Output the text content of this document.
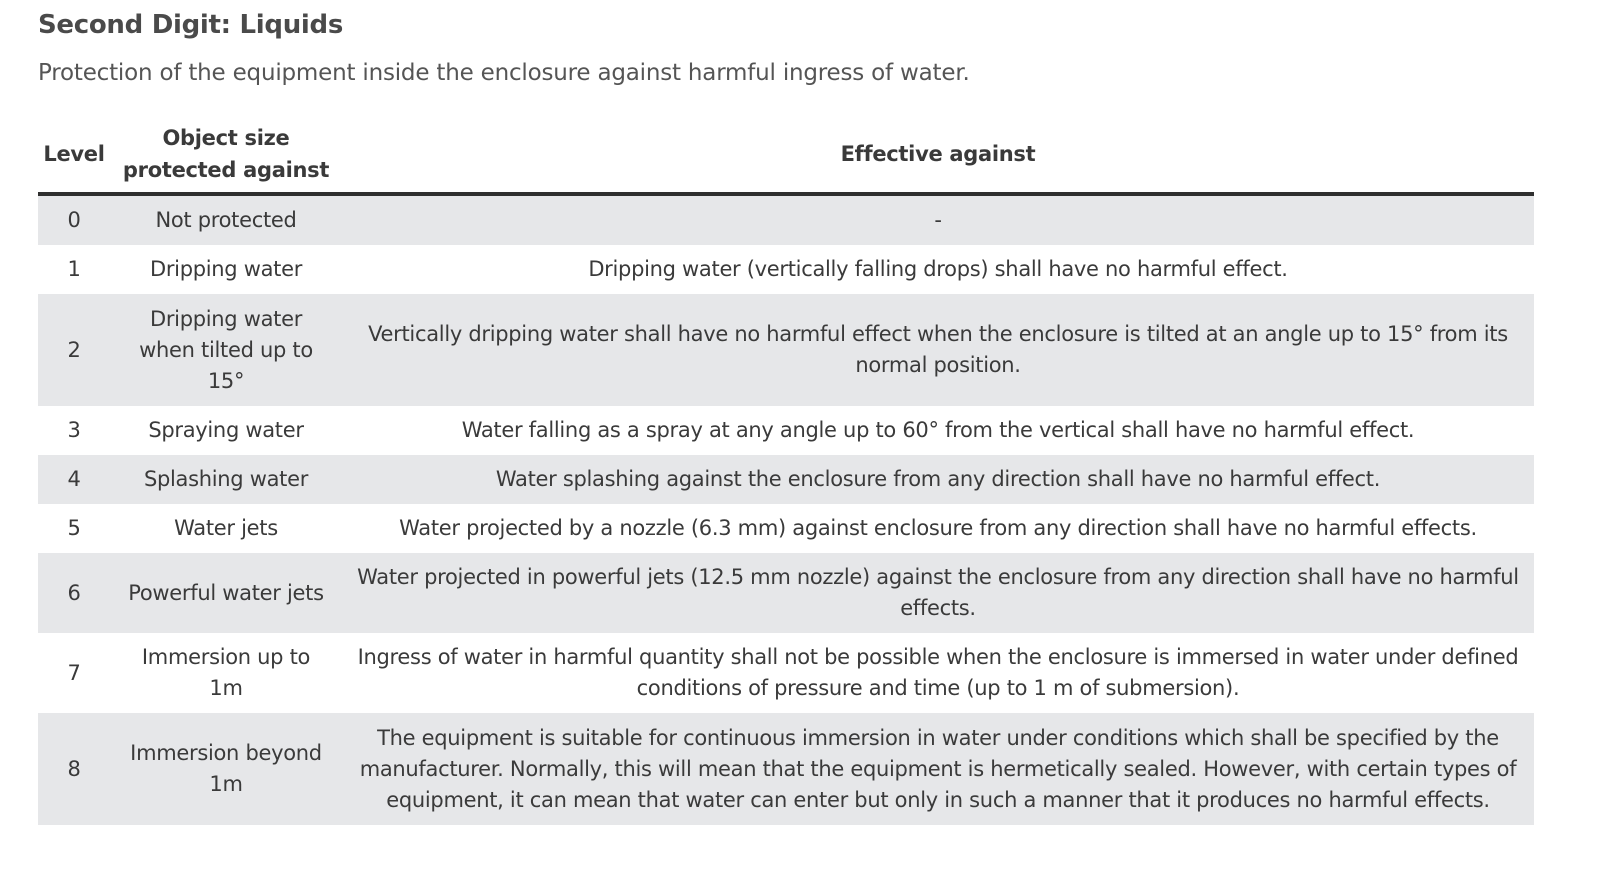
Second Digit: Liquids
Protection of the equipment inside the enclosure against harmful ingress of water.
Level	Object size protected against	Effective against
0	Not protected	-
1	Dripping water	Dripping water (vertically falling drops) shall have no harmful effect.
2	Dripping water when tilted up to 15°	Vertically dripping water shall have no harmful effect when the enclosure is tilted at an angle up to 15° from its normal position.
3	Spraying water	Water falling as a spray at any angle up to 60° from the vertical shall have no harmful effect.
4	Splashing water	Water splashing against the enclosure from any direction shall have no harmful effect.
5	Water jets	Water projected by a nozzle (6.3 mm) against enclosure from any direction shall have no harmful effects.
6	Powerful water jets	Water projected in powerful jets (12.5 mm nozzle) against the enclosure from any direction shall have no harmful effects.
7	Immersion up to 1m	Ingress of water in harmful quantity shall not be possible when the enclosure is immersed in water under defined conditions of pressure and time (up to 1 m of submersion).
8	Immersion beyond 1m	The equipment is suitable for continuous immersion in water under conditions which shall be specified by the manufacturer. Normally, this will mean that the equipment is hermetically sealed. However, with certain types of equipment, it can mean that water can enter but only in such a manner that it produces no harmful effects.
